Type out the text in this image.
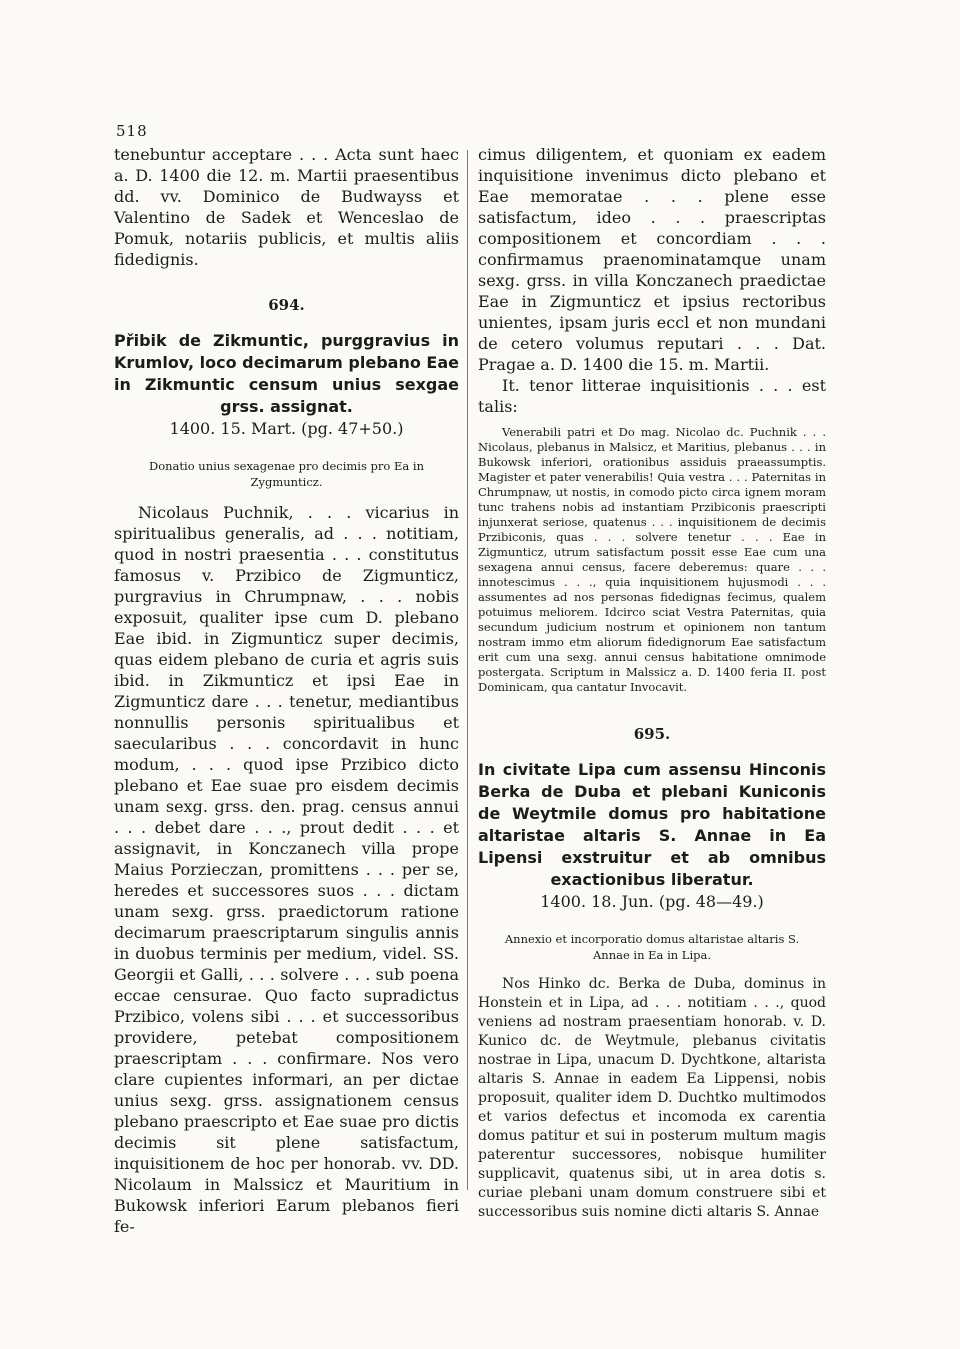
518

tenebuntur acceptare . . . Acta sunt haec a. D. 1400 die 12. m. Martii praesentibus dd. vv. Dominico de Budwayss et Valentino de Sadek et Wenceslao de Pomuk, notariis publicis, et multis aliis fidedignis.

694.

Přibik de Zikmuntic, purggravius in Krumlov, loco decimarum plebano Eae in Zikmuntic censum unius sexgae grss. assignat.

1400. 15. Mart. (pg. 47+50.)

Donatio unius sexagenae pro decimis pro Ea in Zygmunticz.

Nicolaus Puchnik, . . . vicarius in spiritualibus generalis, ad . . . notitiam, quod in nostri praesentia . . . constitutus famosus v. Przibico de Zigmunticz, purgravius in Chrumpnaw, . . . nobis exposuit, qualiter ipse cum D. plebano Eae ibid. in Zigmunticz super decimis, quas eidem plebano de curia et agris suis ibid. in Zikmunticz et ipsi Eae in Zigmunticz dare . . . tenetur, mediantibus nonnullis personis spiritualibus et saecularibus . . . concordavit in hunc modum, . . . quod ipse Przibico dicto plebano et Eae suae pro eisdem decimis unam sexg. grss. den. prag. census annui . . . debet dare . . ., prout dedit . . . et assignavit, in Konczanech villa prope Maius Porzieczan, promittens . . . per se, heredes et successores suos . . . dictam unam sexg. grss. praedictorum ratione decimarum praescriptarum singulis annis in duobus terminis per medium, videl. SS. Georgii et Galli, . . . solvere . . . sub poena eccae censurae. Quo facto supradictus Przibico, volens sibi . . . et successoribus providere, petebat compositionem praescriptam . . . confirmare. Nos vero clare cupientes informari, an per dictae unius sexg. grss. assignationem census plebano praescripto et Eae suae pro dictis decimis sit plene satisfactum, inquisitionem de hoc per honorab. vv. DD. Nicolaum in Malssicz et Mauritium in Bukowsk inferiori Earum plebanos fieri fe-

cimus diligentem, et quoniam ex eadem inquisitione invenimus dicto plebano et Eae memoratae . . . plene esse satisfactum, ideo . . . praescriptas compositionem et concordiam . . . confirmamus praenominatamque unam sexg. grss. in villa Konczanech praedictae Eae in Zigmunticz et ipsius rectoribus unientes, ipsam juris eccl et non mundani de cetero volumus reputari . . . Dat. Pragae a. D. 1400 die 15. m. Martii.

It. tenor litterae inquisitionis . . . est talis:

Venerabili patri et Do mag. Nicolao dc. Puchnik . . . Nicolaus, plebanus in Malsicz, et Maritius, plebanus . . . in Bukowsk inferiori, orationibus assiduis praeassumptis. Magister et pater venerabilis! Quia vestra . . . Paternitas in Chrumpnaw, ut nostis, in comodo picto circa ignem moram tunc trahens nobis ad instantiam Przibiconis praescripti injunxerat seriose, quatenus . . . inquisitionem de decimis Przibiconis, quas . . . solvere tenetur . . . Eae in Zigmunticz, utrum satisfactum possit esse Eae cum una sexagena annui census, facere deberemus: quare . . . innotescimus . . ., quia inquisitionem hujusmodi . . . assumentes ad nos personas fidedignas fecimus, qualem potuimus meliorem. Idcirco sciat Vestra Paternitas, quia secundum judicium nostrum et opinionem non tantum nostram immo etm aliorum fidedignorum Eae satisfactum erit cum una sexg. annui census habitatione omnimode postergata. Scriptum in Malssicz a. D. 1400 feria II. post Dominicam, qua cantatur Invocavit.

695.

In civitate Lipa cum assensu Hinconis Berka de Duba et plebani Kuniconis de Weytmile domus pro habitatione altaristae altaris S. Annae in Ea Lipensi exstruitur et ab omnibus exactionibus liberatur.

1400. 18. Jun. (pg. 48—49.)

Annexio et incorporatio domus altaristae altaris S. Annae in Ea in Lipa.

Nos Hinko dc. Berka de Duba, dominus in Honstein et in Lipa, ad . . . notitiam . . ., quod veniens ad nostram praesentiam honorab. v. D. Kunico dc. de Weytmule, plebanus civitatis nostrae in Lipa, unacum D. Dychtkone, altarista altaris S. Annae in eadem Ea Lippensi, nobis proposuit, qualiter idem D. Duchtko multimodos et varios defectus et incomoda ex carentia domus patitur et sui in posterum multum magis paterentur successores, nobisque humiliter supplicavit, quatenus sibi, ut in area dotis s. curiae plebani unam domum construere sibi et successoribus suis nomine dicti altaris S. Annae
